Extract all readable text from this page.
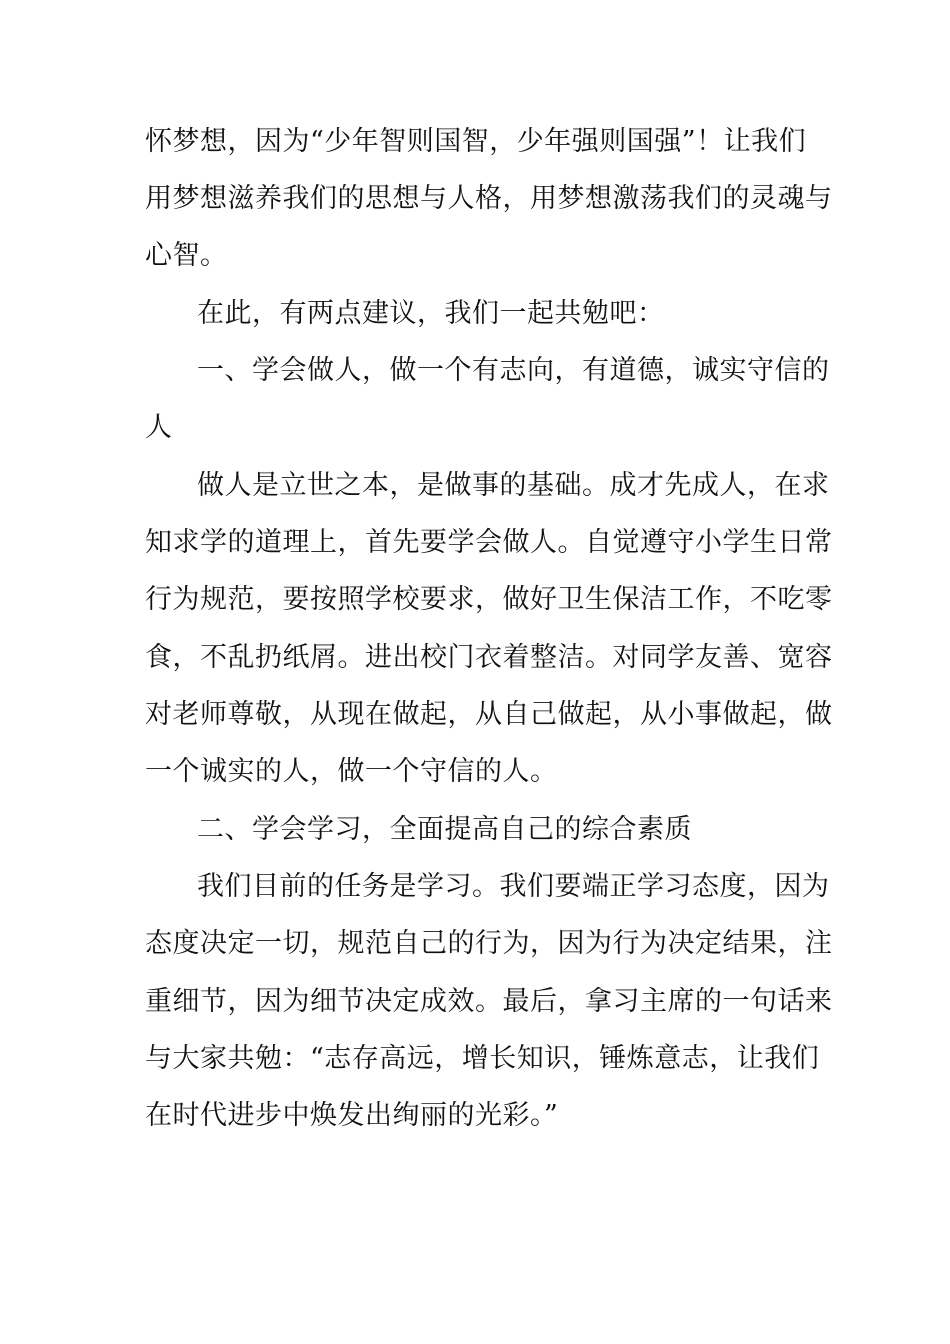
怀梦想，因为“少年智则国智，少年强则国强”！让我们
用梦想滋养我们的思想与人格，用梦想激荡我们的灵魂与
心智。
在此，有两点建议，我们一起共勉吧：
一、学会做人，做一个有志向，有道德，诚实守信的
人
做人是立世之本，是做事的基础。成才先成人，在求
知求学的道理上，首先要学会做人。自觉遵守小学生日常
行为规范，要按照学校要求，做好卫生保洁工作，不吃零
食，不乱扔纸屑。进出校门衣着整洁。对同学友善、宽容
对老师尊敬，从现在做起，从自己做起，从小事做起，做
一个诚实的人，做一个守信的人。
二、学会学习，全面提高自己的综合素质
我们目前的任务是学习。我们要端正学习态度，因为
态度决定一切，规范自己的行为，因为行为决定结果，注
重细节，因为细节决定成效。最后，拿习主席的一句话来
与大家共勉：“志存高远，增长知识，锤炼意志，让我们
在时代进步中焕发出绚丽的光彩。”
